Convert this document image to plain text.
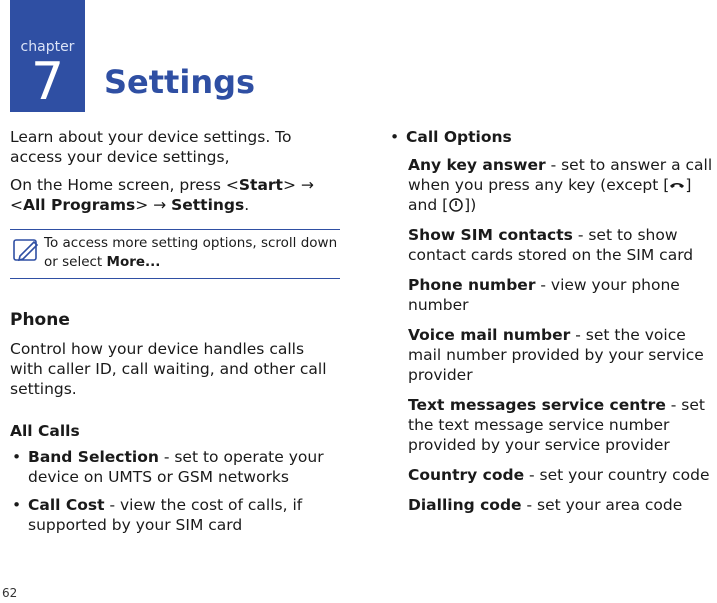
chapter
7	Settings

Learn about your device settings. To access your device settings,

On the Home screen, press <Start> → <All Programs> → Settings.

To access more setting options, scroll down or select More...
Phone

Control how your device handles calls with caller ID, call waiting, and other call settings.

All Calls
• Band Selection - set to operate your device on UMTS or GSM networks
• Call Cost - view the cost of calls, if supported by your SIM card
• Call Options
Any key answer - set to answer a call when you press any key (except [ ] and [ ])
Show SIM contacts - set to show contact cards stored on the SIM card
Phone number - view your phone number
Voice mail number - set the voice mail number provided by your service provider
Text messages service centre - set the text message service number provided by your service provider
Country code - set your country code
Dialling code - set your area code
62
